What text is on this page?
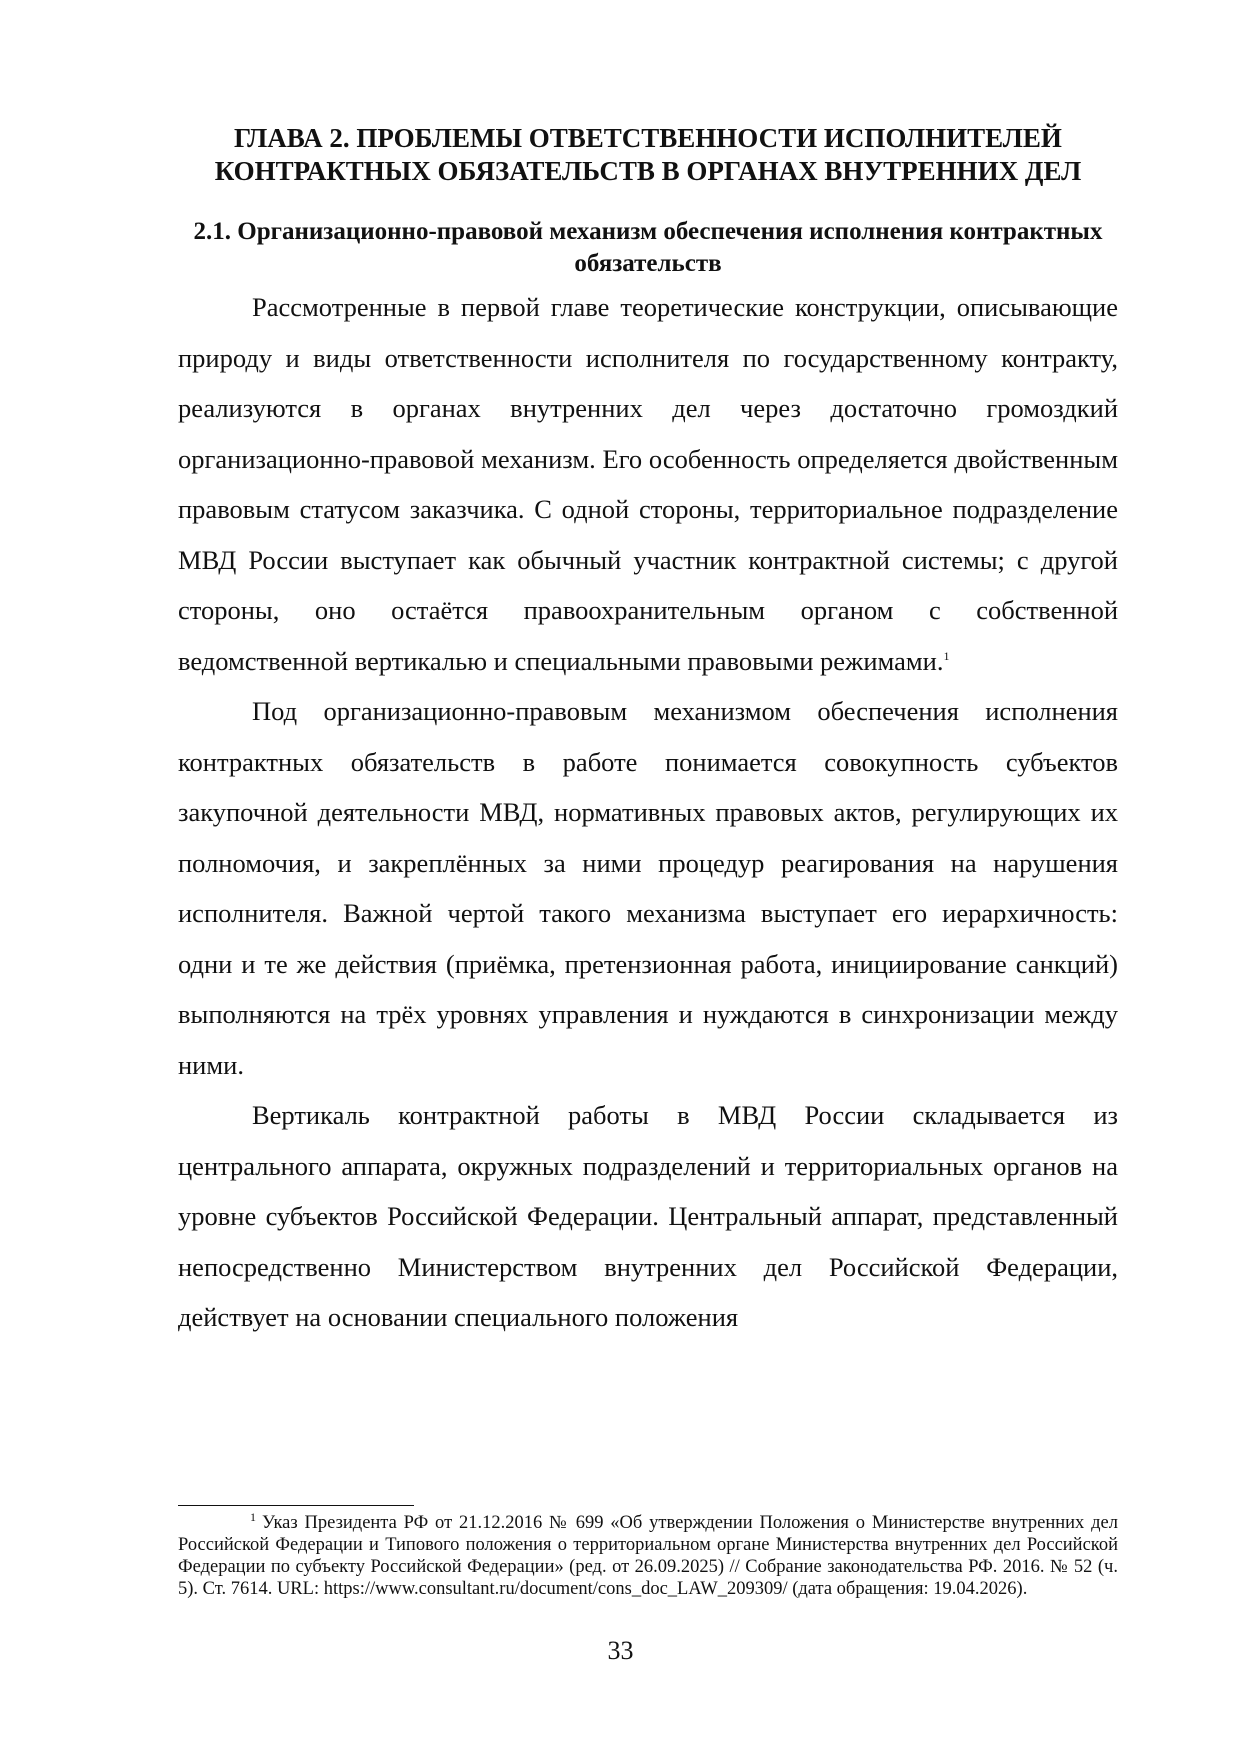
ГЛАВА 2. ПРОБЛЕМЫ ОТВЕТСТВЕННОСТИ ИСПОЛНИТЕЛЕЙ КОНТРАКТНЫХ ОБЯЗАТЕЛЬСТВ В ОРГАНАХ ВНУТРЕННИХ ДЕЛ
2.1. Организационно-правовой механизм обеспечения исполнения контрактных обязательств

Рассмотренные в первой главе теоретические конструкции, описывающие природу и виды ответственности исполнителя по государственному контракту, реализуются в органах внутренних дел через достаточно громоздкий организационно-правовой механизм. Его особенность определяется двойственным правовым статусом заказчика. С одной стороны, территориальное подразделение МВД России выступает как обычный участник контрактной системы; с другой стороны, оно остаётся правоохранительным органом с собственной ведомственной вертикалью и специальными правовыми режимами.$^1$

Под организационно-правовым механизмом обеспечения исполнения контрактных обязательств в работе понимается совокупность субъектов закупочной деятельности МВД, нормативных правовых актов, регулирующих их полномочия, и закреплённых за ними процедур реагирования на нарушения исполнителя. Важной чертой такого механизма выступает его иерархичность: одни и те же действия (приёмка, претензионная работа, инициирование санкций) выполняются на трёх уровнях управления и нуждаются в синхронизации между ними.

Вертикаль контрактной работы в МВД России складывается из центрального аппарата, окружных подразделений и территориальных органов на уровне субъектов Российской Федерации. Центральный аппарат, представленный непосредственно Министерством внутренних дел Российской Федерации, действует на основании специального положения

$^1$ Указ Президента РФ от 21.12.2016 № 699 «Об утверждении Положения о Министерстве внутренних дел Российской Федерации и Типового положения о территориальном органе Министерства внутренних дел Российской Федерации по субъекту Российской Федерации» (ред. от 26.09.2025) // Собрание законодательства РФ. 2016. № 52 (ч. 5). Ст. 7614. URL: https://www.consultant.ru/document/cons_doc_LAW_209309/ (дата обращения: 19.04.2026).

33
